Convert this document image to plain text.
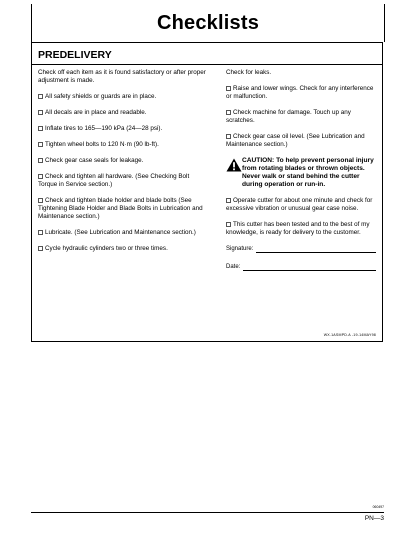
Checklists
PREDELIVERY

Check off each item as it is found satisfactory or after proper adjustment is made.

All safety shields or guards are in place.

All decals are in place and readable.

Inflate tires to 165—190 kPa (24—28 psi).

Tighten wheel bolts to 120 N·m (90 lb-ft).

Check gear case seals for leakage.

Check and tighten all hardware. (See Checking Bolt Torque in Service section.)

Check and tighten blade holder and blade bolts (See Tightening Blade Holder and Blade Bolts in Lubrication and Maintenance section.)

Lubricate. (See Lubrication and Maintenance section.)

Cycle hydraulic cylinders two or three times.

Check for leaks.

Raise and lower wings. Check for any interference or malfunction.

Check machine for damage. Touch up any scratches.

Check gear case oil level. (See Lubrication and Maintenance section.)

CAUTION: To help prevent personal injury from rotating blades or thrown objects. Never walk or stand behind the cutter during operation or run-in.

Operate cutter for about one minute and check for excessive vibration or unusual gear case noise.

This cutter has been tested and to the best of my knowledge, is ready for delivery to the customer.

Signature:
Date:
WX.1ASMPD.A -19-14MAY98
060497
PN—3
